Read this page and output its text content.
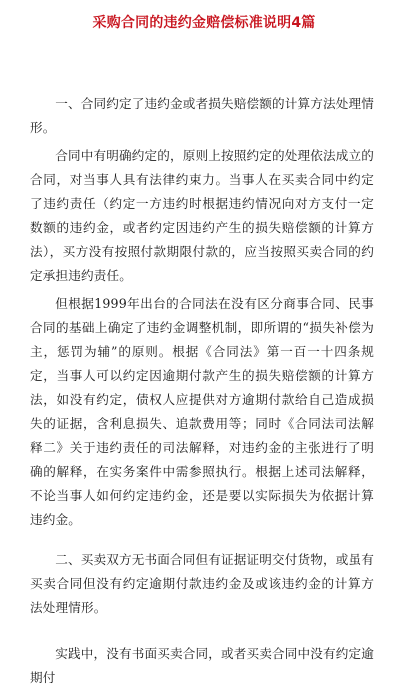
采购合同的违约金赔偿标准说明4篇

一、合同约定了违约金或者损失赔偿额的计算方法处理情形。

合同中有明确约定的，原则上按照约定的处理依法成立的合同，对当事人具有法律约束力。当事人在买卖合同中约定了违约责任（约定一方违约时根据违约情况向对方支付一定数额的违约金，或者约定因违约产生的损失赔偿额的计算方法），买方没有按照付款期限付款的，应当按照买卖合同的约定承担违约责任。

但根据1999年出台的合同法在没有区分商事合同、民事合同的基础上确定了违约金调整机制，即所谓的“损失补偿为主，惩罚为辅”的原则。根据《合同法》第一百一十四条规定，当事人可以约定因逾期付款产生的损失赔偿额的计算方法，如没有约定，债权人应提供对方逾期付款给自己造成损失的证据，含利息损失、追款费用等；同时《合同法司法解释二》关于违约责任的司法解释，对违约金的主张进行了明确的解释，在实务案件中需参照执行。根据上述司法解释，不论当事人如何约定违约金，还是要以实际损失为依据计算违约金。

二、买卖双方无书面合同但有证据证明交付货物，或虽有买卖合同但没有约定逾期付款违约金及或该违约金的计算方法处理情形。

实践中，没有书面买卖合同，或者买卖合同中没有约定逾期付
